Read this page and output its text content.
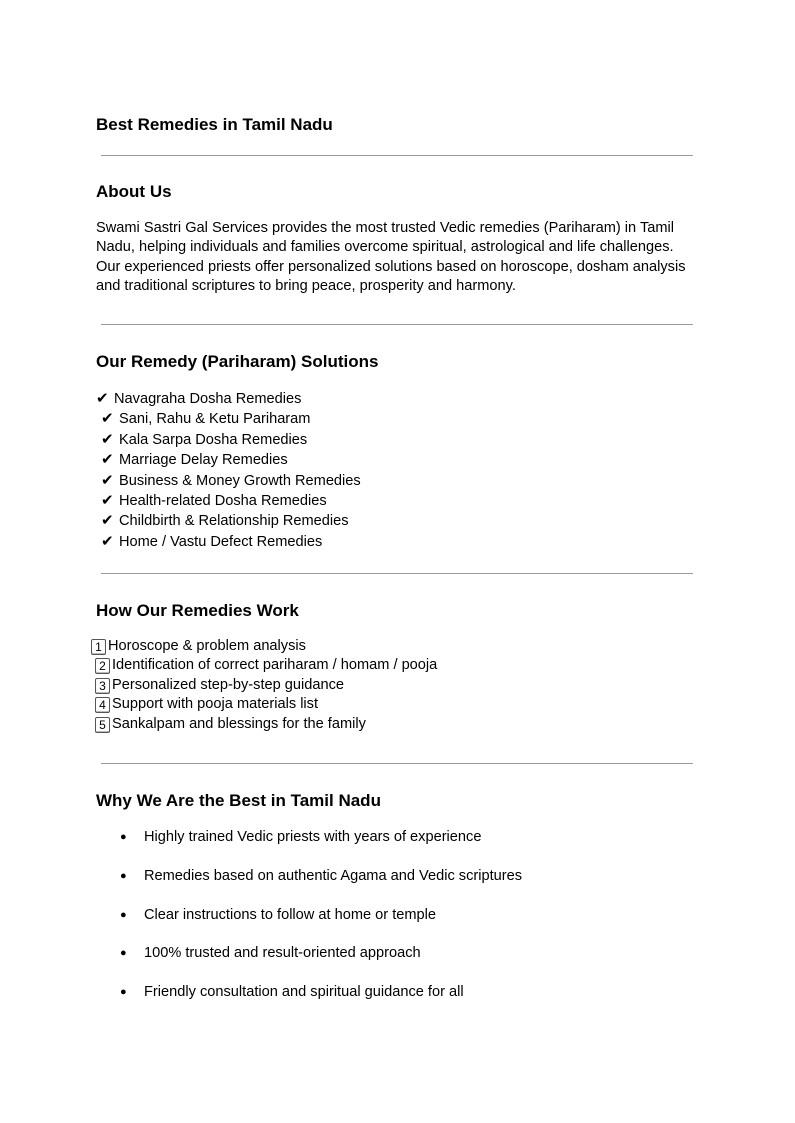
Best Remedies in Tamil Nadu
About Us

Swami Sastri Gal Services provides the most trusted Vedic remedies (Pariharam) in Tamil Nadu, helping individuals and families overcome spiritual, astrological and life challenges. Our experienced priests offer personalized solutions based on horoscope, dosham analysis and traditional scriptures to bring peace, prosperity and harmony.

Our Remedy (Pariharam) Solutions
✔ Navagraha Dosha Remedies
✔ Sani, Rahu & Ketu Pariharam
✔ Kala Sarpa Dosha Remedies
✔ Marriage Delay Remedies
✔ Business & Money Growth Remedies
✔ Health-related Dosha Remedies
✔ Childbirth & Relationship Remedies
✔ Home / Vastu Defect Remedies
How Our Remedies Work
1 Horoscope & problem analysis
2 Identification of correct pariharam / homam / pooja
3 Personalized step-by-step guidance
4 Support with pooja materials list
5 Sankalpam and blessings for the family
Why We Are the Best in Tamil Nadu
● Highly trained Vedic priests with years of experience
● Remedies based on authentic Agama and Vedic scriptures
● Clear instructions to follow at home or temple
● 100% trusted and result-oriented approach
● Friendly consultation and spiritual guidance for all
